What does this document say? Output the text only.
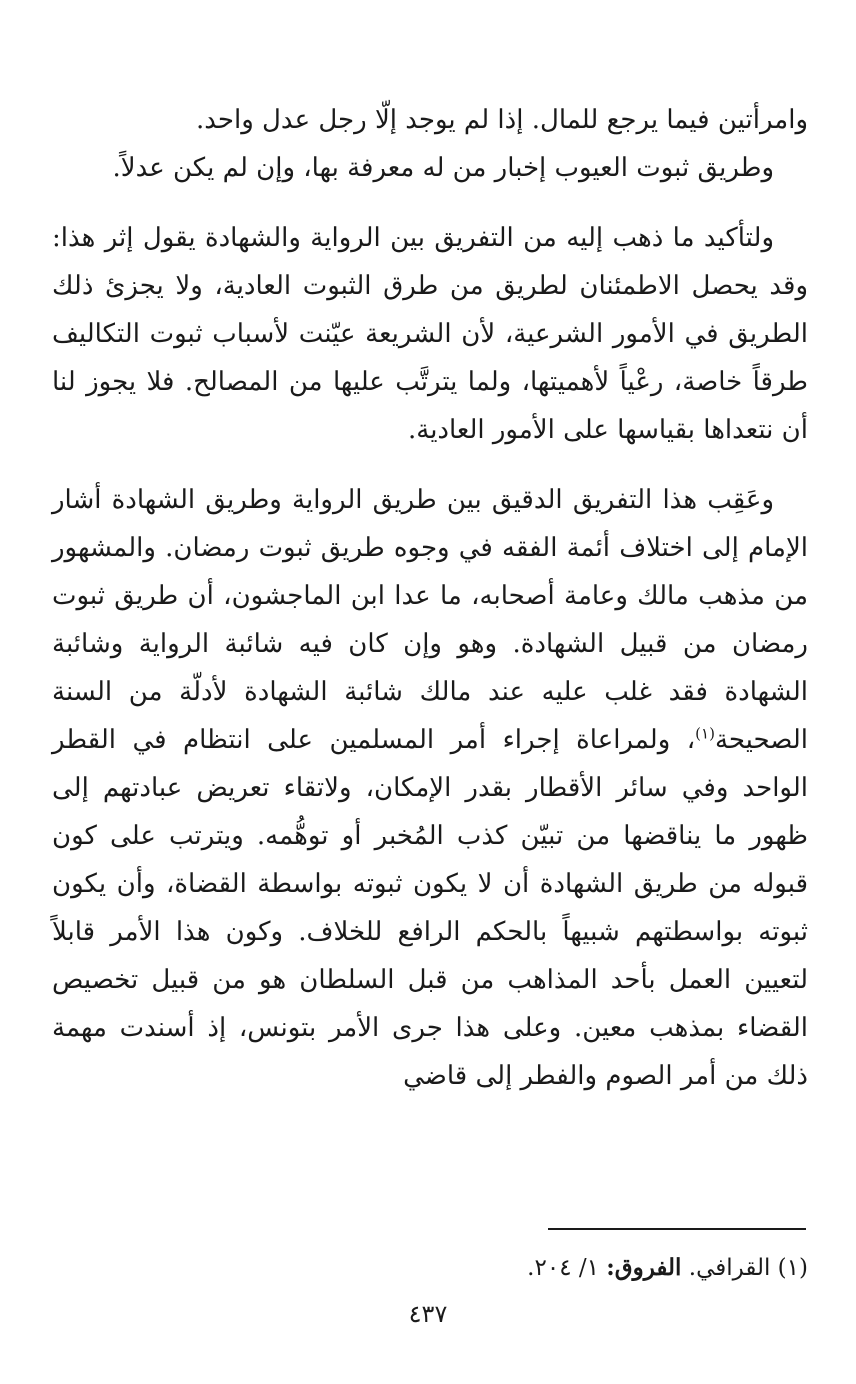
وامرأتين فيما يرجع للمال. إذا لم يوجد إلّا رجل عدل واحد.

وطريق ثبوت العيوب إخبار من له معرفة بها، وإن لم يكن عدلاً.

ولتأكيد ما ذهب إليه من التفريق بين الرواية والشهادة يقول إثر هذا: وقد يحصل الاطمئنان لطريق من طرق الثبوت العادية، ولا يجزئ ذلك الطريق في الأمور الشرعية، لأن الشريعة عيّنت لأسباب ثبوت التكاليف طرقاً خاصة، رعْياً لأهميتها، ولما يترتَّب عليها من المصالح. فلا يجوز لنا أن نتعداها بقياسها على الأمور العادية.

وعَقِب هذا التفريق الدقيق بين طريق الرواية وطريق الشهادة أشار الإمام إلى اختلاف أئمة الفقه في وجوه طريق ثبوت رمضان. والمشهور من مذهب مالك وعامة أصحابه، ما عدا ابن الماجشون، أن طريق ثبوت رمضان من قبيل الشهادة. وهو وإن كان فيه شائبة الرواية وشائبة الشهادة فقد غلب عليه عند مالك شائبة الشهادة لأدلّة من السنة الصحيحة$^{(١)}$، ولمراعاة إجراء أمر المسلمين على انتظام في القطر الواحد وفي سائر الأقطار بقدر الإمكان، ولاتقاء تعريض عبادتهم إلى ظهور ما يناقضها من تبيّن كذب المُخبر أو توهُّمه. ويترتب على كون قبوله من طريق الشهادة أن لا يكون ثبوته بواسطة القضاة، وأن يكون ثبوته بواسطتهم شبيهاً بالحكم الرافع للخلاف. وكون هذا الأمر قابلاً لتعيين العمل بأحد المذاهب من قبل السلطان هو من قبيل تخصيص القضاء بمذهب معين. وعلى هذا جرى الأمر بتونس، إذ أسندت مهمة ذلك من أمر الصوم والفطر إلى قاضي

(١) القرافي. الفروق: ١/ ٢٠٤.
٤٣٧
